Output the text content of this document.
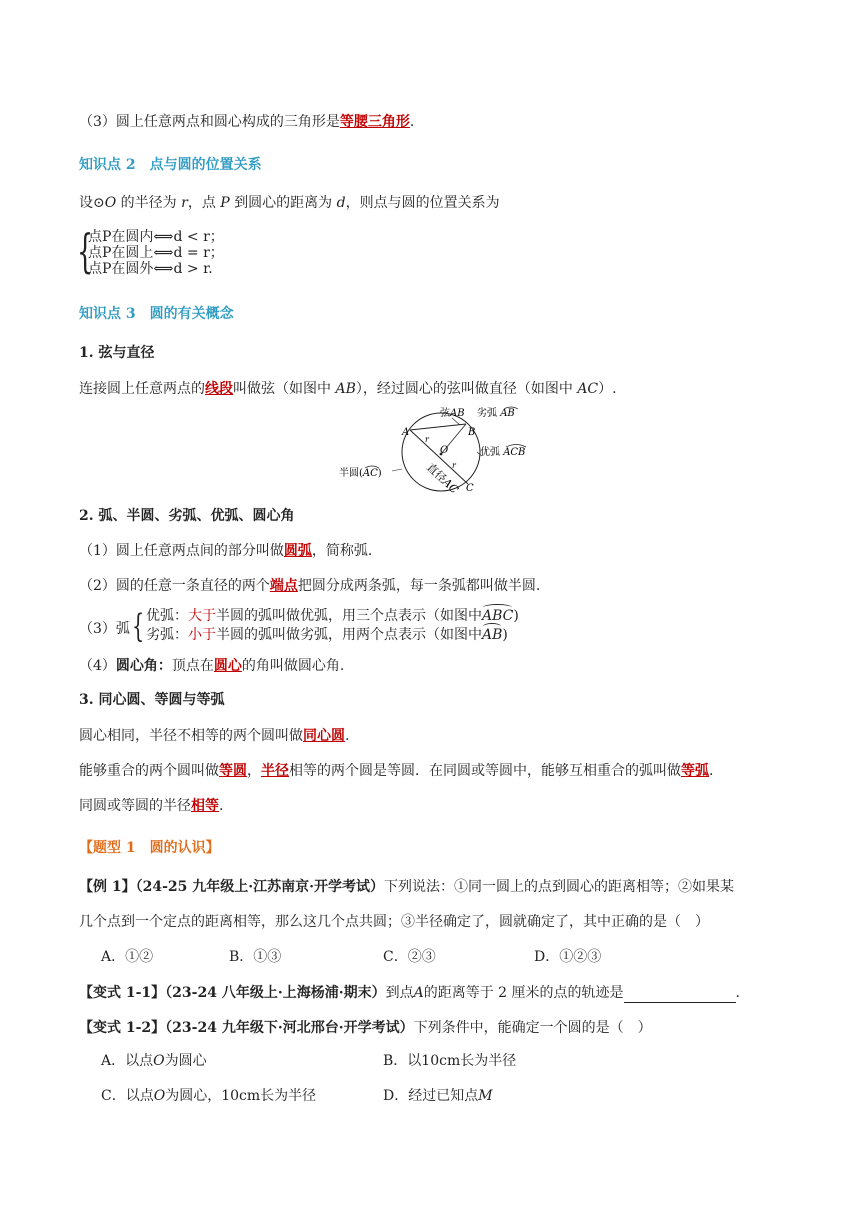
（3）圆上任意两点和圆心构成的三角形是等腰三角形.
知识点 2　点与圆的位置关系
设⊙O 的半径为 r，点 P 到圆心的距离为 d，则点与圆的位置关系为
{
点P在圆内⟺d < r；
点P在圆上⟺d = r；
点P在圆外⟺d > r.
知识点 3　圆的有关概念
1. 弦与直径
连接圆上任意两点的线段叫做弦（如图中 AB），经过圆心的弦叫做直径（如图中 AC）.
A	B
C
O
r
r
弦AB 劣弧 AB
优弧 ACB
半圆(AC)	直径AC
2. 弧、半圆、劣弧、优弧、圆心角
（1）圆上任意两点间的部分叫做圆弧，简称弧.
（2）圆的任意一条直径的两个端点把圆分成两条弧，每一条弧都叫做半圆.
（3）弧 { 优弧：大于半圆的弧叫做优弧，用三个点表示（如图中ABC)
劣弧：小于半圆的弧叫做劣弧，用两个点表示（如图中AB)
（4）圆心角：顶点在圆心的角叫做圆心角.
3. 同心圆、等圆与等弧
圆心相同，半径不相等的两个圆叫做同心圆.
能够重合的两个圆叫做等圆，半径相等的两个圆是等圆．在同圆或等圆中，能够互相重合的弧叫做等弧.
同圆或等圆的半径相等.
【题型 1　圆的认识】
【例 1】（24-25 九年级上·江苏南京·开学考试）下列说法：①同一圆上的点到圆心的距离相等；②如果某
几个点到一个定点的距离相等，那么这几个点共圆；③半径确定了，圆就确定了，其中正确的是（　）
A．①②	B．①③	C．②③	D．①②③
【变式 1-1】（23-24 八年级上·上海杨浦·期末）到点A的距离等于 2 厘米的点的轨迹是	.
【变式 1-2】（23-24 九年级下·河北邢台·开学考试）下列条件中，能确定一个圆的是（　）
A．以点O为圆心	B．以10cm长为半径
C．以点O为圆心，10cm长为半径	D．经过已知点M
